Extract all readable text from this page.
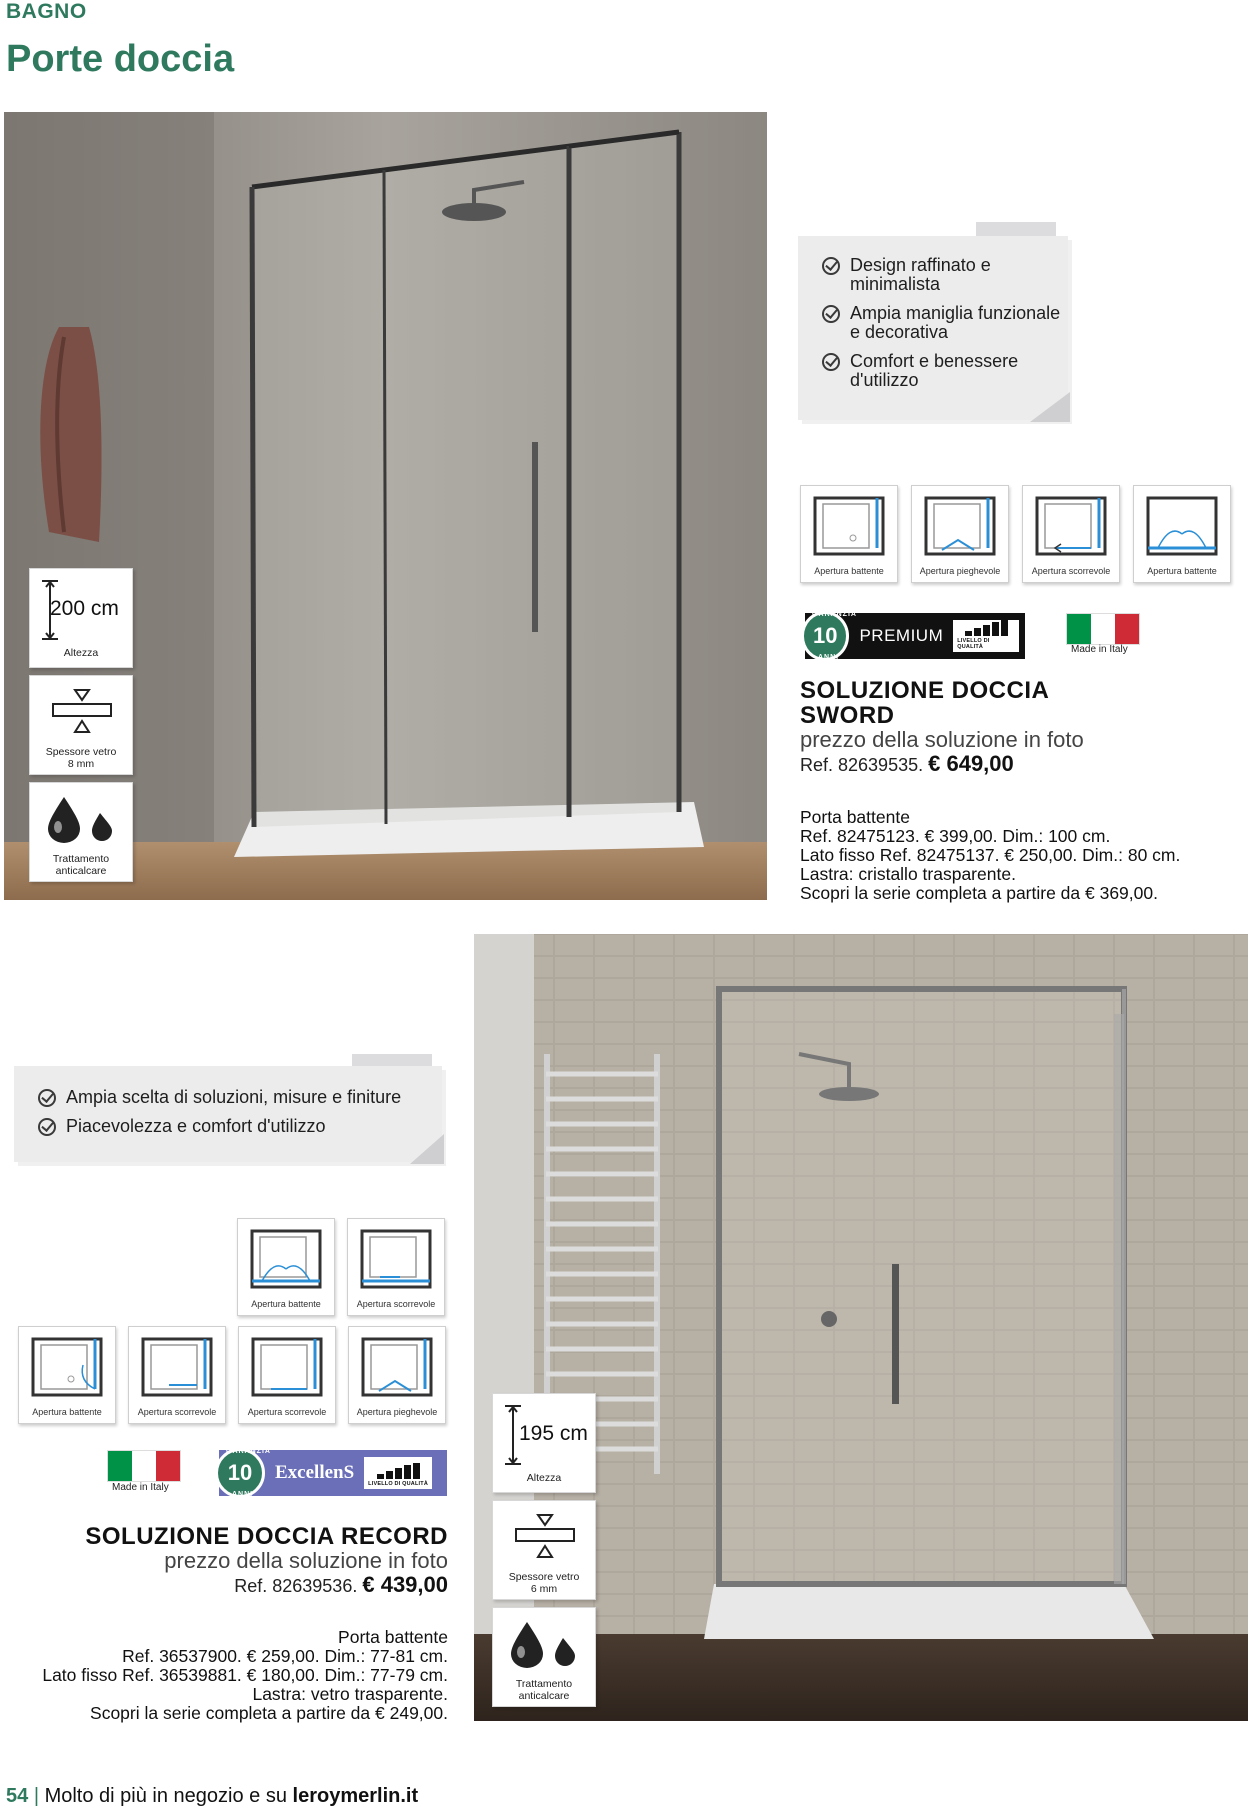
BAGNO
Porte doccia
Design raffinato e minimalista
Ampia maniglia funzionale e decorativa
Comfort e benessere d'utilizzo
200 cm
Altezza
Spessore vetro
8 mm
Trattamento anticalcare
Apertura battente	Apertura pieghevole	Apertura scorrevole	Apertura battente
10
GARANZIA
ANNI
PREMIUM	LIVELLO DI QUALITÀ	Made in Italy
SOLUZIONE DOCCIA
SWORD
prezzo della soluzione in foto
Ref. 82639535. € 649,00
Porta battente
Ref. 82475123. € 399,00. Dim.: 100 cm.
Lato fisso Ref. 82475137. € 250,00. Dim.: 80 cm.
Lastra: cristallo trasparente.
Scopri la serie completa a partire da € 369,00.
Ampia scelta di soluzioni, misure e finiture
Piacevolezza e comfort d'utilizzo
Apertura battente	Apertura scorrevole
Apertura battente	Apertura scorrevole	Apertura scorrevole	Apertura pieghevole
Made in Italy
10
GARANZIA
ANNI
ExcellenS
LIVELLO DI QUALITÀ
SOLUZIONE DOCCIA RECORD
prezzo della soluzione in foto
Ref. 82639536. € 439,00
Porta battente
Ref. 36537900. € 259,00. Dim.: 77-81 cm.
Lato fisso Ref. 36539881. € 180,00. Dim.: 77-79 cm.
Lastra: vetro trasparente.
Scopri la serie completa a partire da € 249,00.
195 cm
Altezza
Spessore vetro
6 mm
Trattamento anticalcare
54 | Molto di più in negozio e su leroymerlin.it
